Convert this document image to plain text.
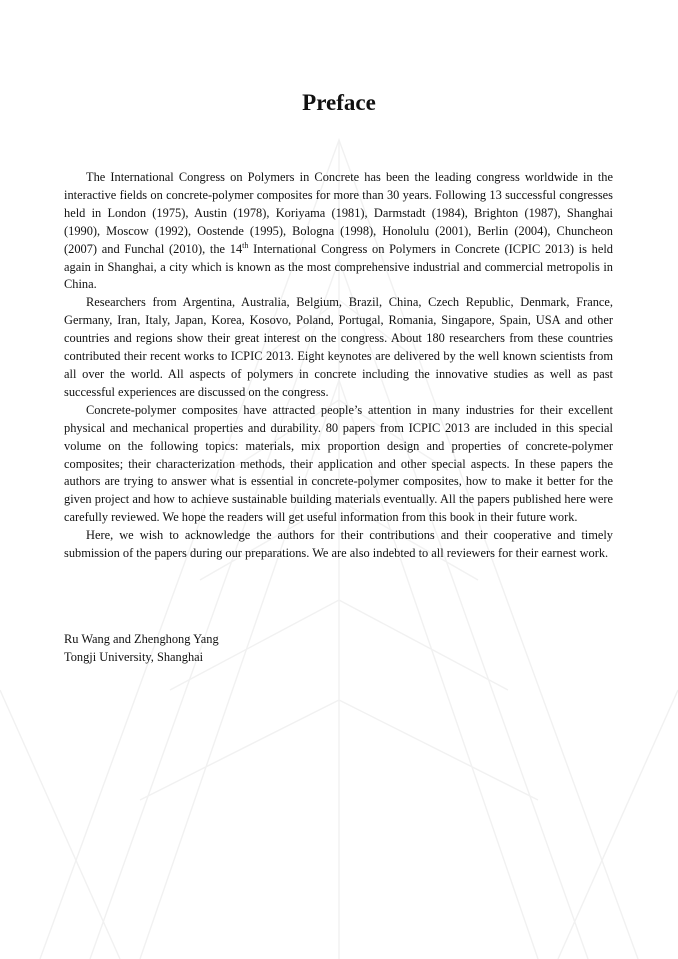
Preface

The International Congress on Polymers in Concrete has been the leading congress worldwide in the interactive fields on concrete-polymer composites for more than 30 years. Following 13 successful congresses held in London (1975), Austin (1978), Koriyama (1981), Darmstadt (1984), Brighton (1987), Shanghai (1990), Moscow (1992), Oostende (1995), Bologna (1998), Honolulu (2001), Berlin (2004), Chuncheon (2007) and Funchal (2010), the 14th International Congress on Polymers in Concrete (ICPIC 2013) is held again in Shanghai, a city which is known as the most comprehensive industrial and commercial metropolis in China.

Researchers from Argentina, Australia, Belgium, Brazil, China, Czech Republic, Denmark, France, Germany, Iran, Italy, Japan, Korea, Kosovo, Poland, Portugal, Romania, Singapore, Spain, USA and other countries and regions show their great interest on the congress. About 180 researchers from these countries contributed their recent works to ICPIC 2013. Eight keynotes are delivered by the well known scientists from all over the world. All aspects of polymers in concrete including the innovative studies as well as past successful experiences are discussed on the congress.

Concrete-polymer composites have attracted people’s attention in many industries for their excellent physical and mechanical properties and durability. 80 papers from ICPIC 2013 are included in this special volume on the following topics: materials, mix proportion design and properties of concrete-polymer composites; their characterization methods, their application and other special aspects. In these papers the authors are trying to answer what is essential in concrete-polymer composites, how to make it better for the given project and how to achieve sustainable building materials eventually. All the papers published here were carefully reviewed. We hope the readers will get useful information from this book in their future work.

Here, we wish to acknowledge the authors for their contributions and their cooperative and timely submission of the papers during our preparations. We are also indebted to all reviewers for their earnest work.

Ru Wang and Zhenghong Yang
Tongji University, Shanghai
